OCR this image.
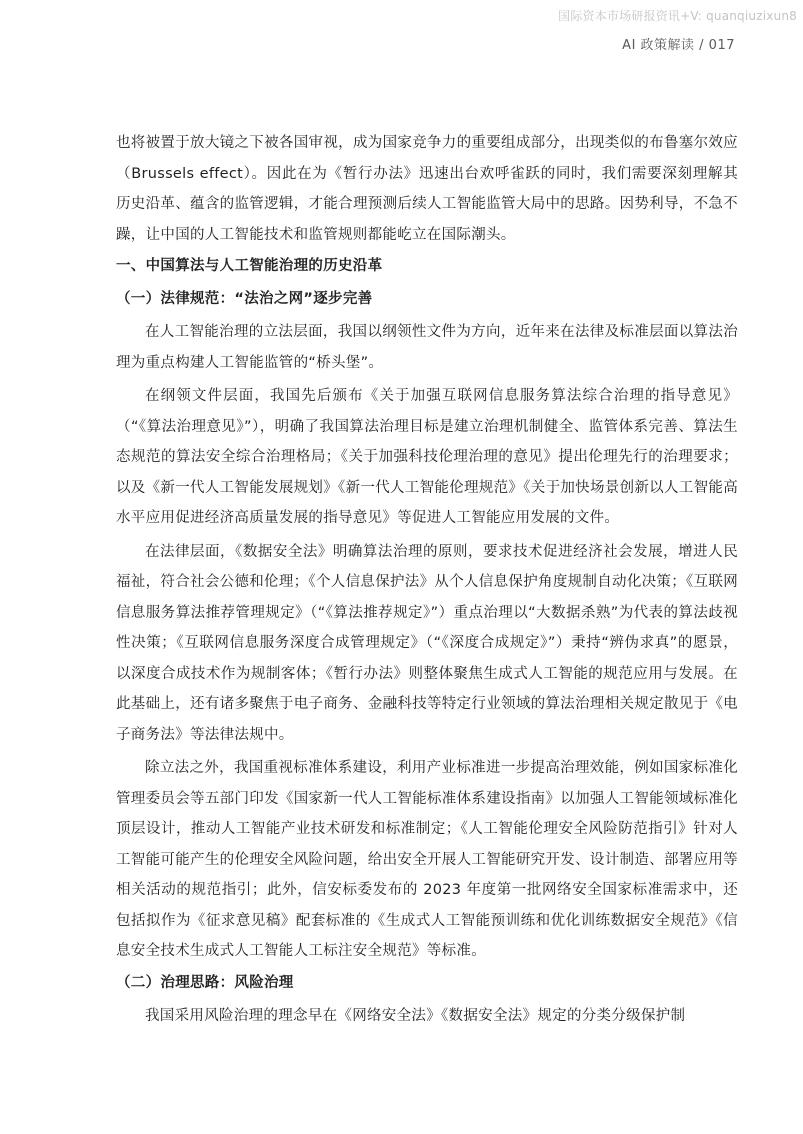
国际资本市场研报资讯+V: quanqiuzixun8
AI 政策解读 / 017

也将被置于放大镜之下被各国审视，成为国家竞争力的重要组成部分，出现类似的布鲁塞尔效应（Brussels effect）。因此在为《暂行办法》迅速出台欢呼雀跃的同时，我们需要深刻理解其历史沿革、蕴含的监管逻辑，才能合理预测后续人工智能监管大局中的思路。因势利导，不急不躁，让中国的人工智能技术和监管规则都能屹立在国际潮头。

一、中国算法与人工智能治理的历史沿革
（一）法律规范：“法治之网”逐步完善

在人工智能治理的立法层面，我国以纲领性文件为方向，近年来在法律及标准层面以算法治理为重点构建人工智能监管的“桥头堡”。

在纲领文件层面，我国先后颁布《关于加强互联网信息服务算法综合治理的指导意见》（“《算法治理意见》”），明确了我国算法治理目标是建立治理机制健全、监管体系完善、算法生态规范的算法安全综合治理格局；《关于加强科技伦理治理的意见》提出伦理先行的治理要求；以及《新一代人工智能发展规划》《新一代人工智能伦理规范》《关于加快场景创新以人工智能高水平应用促进经济高质量发展的指导意见》等促进人工智能应用发展的文件。

在法律层面，《数据安全法》明确算法治理的原则，要求技术促进经济社会发展，增进人民福祉，符合社会公德和伦理；《个人信息保护法》从个人信息保护角度规制自动化决策；《互联网信息服务算法推荐管理规定》（“《算法推荐规定》”）重点治理以“大数据杀熟”为代表的算法歧视性决策；《互联网信息服务深度合成管理规定》（“《深度合成规定》”）秉持“辨伪求真”的愿景，以深度合成技术作为规制客体；《暂行办法》则整体聚焦生成式人工智能的规范应用与发展。在此基础上，还有诸多聚焦于电子商务、金融科技等特定行业领域的算法治理相关规定散见于《电子商务法》等法律法规中。

除立法之外，我国重视标准体系建设，利用产业标准进一步提高治理效能，例如国家标准化管理委员会等五部门印发《国家新一代人工智能标准体系建设指南》以加强人工智能领域标准化顶层设计，推动人工智能产业技术研发和标准制定；《人工智能伦理安全风险防范指引》针对人工智能可能产生的伦理安全风险问题，给出安全开展人工智能研究开发、设计制造、部署应用等相关活动的规范指引；此外，信安标委发布的 2023 年度第一批网络安全国家标准需求中，还包括拟作为《征求意见稿》配套标准的《生成式人工智能预训练和优化训练数据安全规范》《信息安全技术生成式人工智能人工标注安全规范》等标准。

（二）治理思路：风险治理

我国采用风险治理的理念早在《网络安全法》《数据安全法》规定的分类分级保护制
